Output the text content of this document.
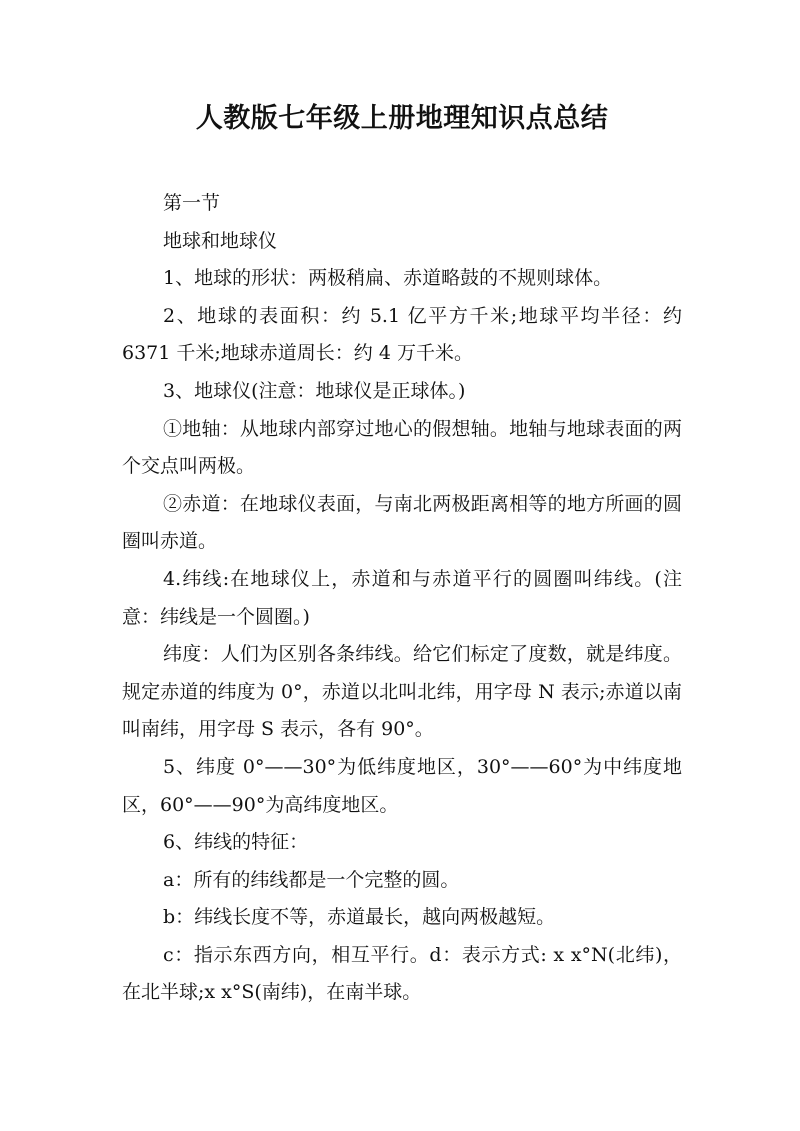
人教版七年级上册地理知识点总结

第一节

地球和地球仪

1、地球的形状：两极稍扁、赤道略鼓的不规则球体。

2、地球的表面积：约 5.1 亿平方千米;地球平均半径：约 6371 千米;地球赤道周长：约 4 万千米。

3、地球仪(注意：地球仪是正球体。)

①地轴：从地球内部穿过地心的假想轴。地轴与地球表面的两个交点叫两极。

②赤道：在地球仪表面，与南北两极距离相等的地方所画的圆圈叫赤道。

4.纬线:在地球仪上，赤道和与赤道平行的圆圈叫纬线。(注意：纬线是一个圆圈。)

纬度：人们为区别各条纬线。给它们标定了度数，就是纬度。规定赤道的纬度为 0°，赤道以北叫北纬，用字母 N 表示;赤道以南叫南纬，用字母 S 表示，各有 90°。

5、纬度 0°——30°为低纬度地区，30°——60°为中纬度地区，60°——90°为高纬度地区。

6、纬线的特征：

a：所有的纬线都是一个完整的圆。

b：纬线长度不等，赤道最长，越向两极越短。

c：指示东西方向，相互平行。d：表示方式: x x°N(北纬)，在北半球;x x°S(南纬)，在南半球。
